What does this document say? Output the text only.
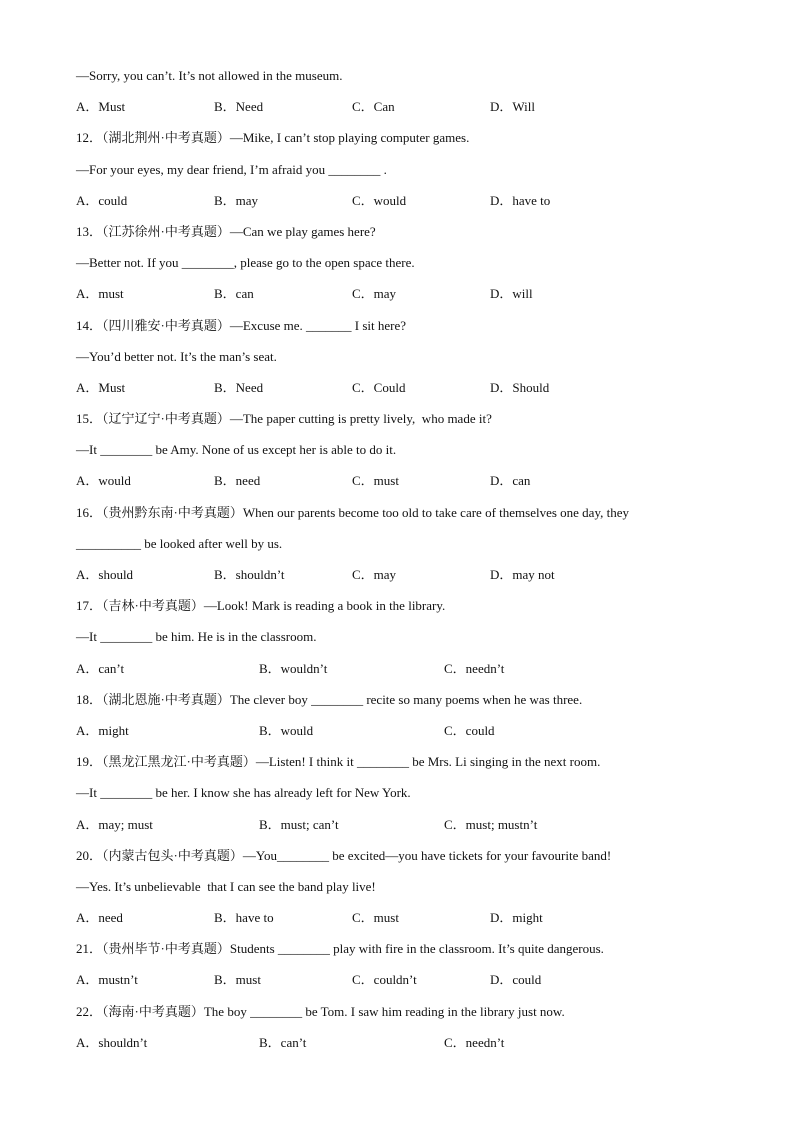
—Sorry, you can’t. It’s not allowed in the museum.
A．Must	B．Need	C．Can	D．Will
12．（湖北荆州·中考真题）—Mike, I can’t stop playing computer games.
—For your eyes, my dear friend, I’m afraid you ________ .
A．could	B．may	C．would	D．have to
13．（江苏徐州·中考真题）—Can we play games here?
—Better not. If you ________, please go to the open space there.
A．must	B．can	C．may	D．will
14．（四川雅安·中考真题）—Excuse me. _______ I sit here?
—You’d better not. It’s the man’s seat.
A．Must	B．Need	C．Could	D．Should
15．（辽宁辽宁·中考真题）—The paper cutting is pretty lively,  who made it?
—It ________ be Amy. None of us except her is able to do it.
A．would	B．need	C．must	D．can
16．（贵州黔东南·中考真题）When our parents become too old to take care of themselves one day, they
__________ be looked after well by us.
A．should	B．shouldn’t	C．may	D．may not
17．（吉林·中考真题）—Look! Mark is reading a book in the library.
—It ________ be him. He is in the classroom.
A．can’t	B．wouldn’t	C．needn’t
18．（湖北恩施·中考真题）The clever boy ________ recite so many poems when he was three.
A．might	B．would	C．could
19．（黑龙江黑龙江·中考真题）—Listen! I think it ________ be Mrs. Li singing in the next room.
—It ________ be her. I know she has already left for New York.
A．may; must	B．must; can’t	C．must; mustn’t
20．（内蒙古包头·中考真题）—You________ be excited—you have tickets for your favourite band!
—Yes. It’s unbelievable  that I can see the band play live!
A．need	B．have to	C．must	D．might
21．（贵州毕节·中考真题）Students ________ play with fire in the classroom. It’s quite dangerous.
A．mustn’t	B．must	C．couldn’t	D．could
22．（海南·中考真题）The boy ________ be Tom. I saw him reading in the library just now.
A．shouldn’t	B．can’t	C．needn’t
